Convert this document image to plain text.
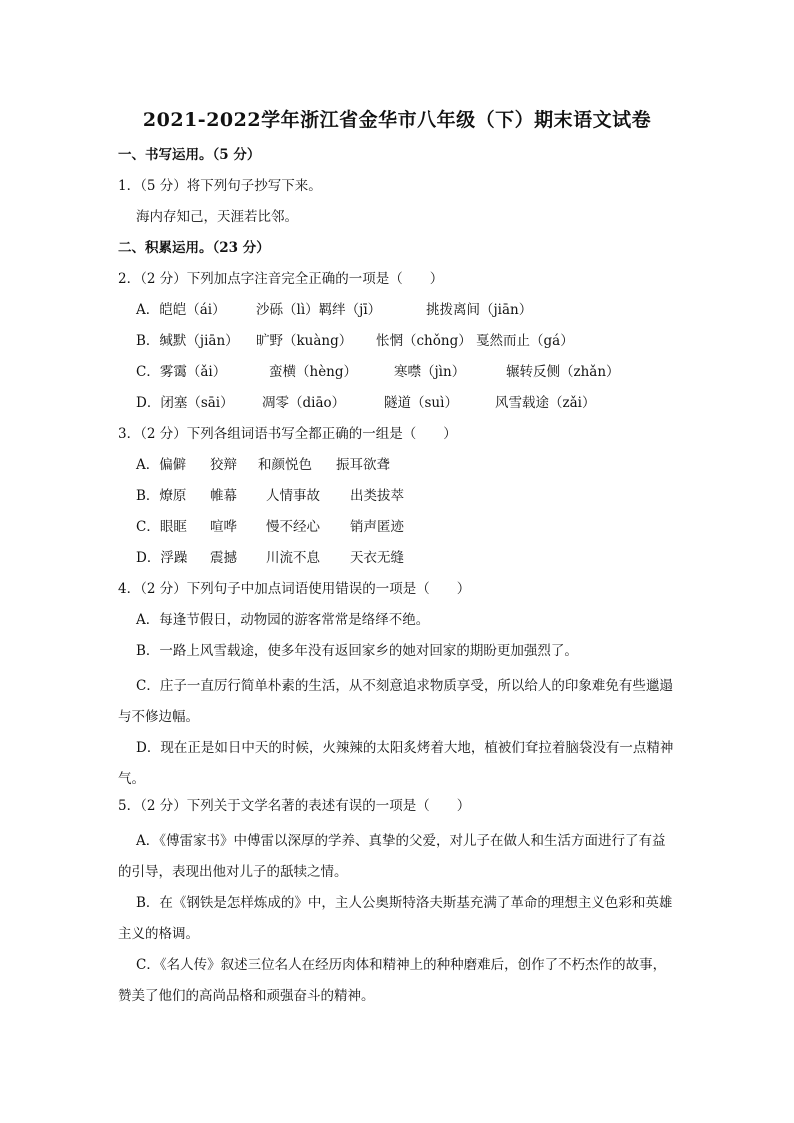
2021-2022学年浙江省金华市八年级（下）期末语文试卷
一、书写运用。（5 分）
1．（5 分）将下列句子抄写下来。
海内存知己，天涯若比邻。
二、积累运用。（23 分）
2．（2 分）下列加点字注音完全正确的一项是（　　）
A．皑皑（ái） 沙砾（lì）羁绊（jī）	挑拨离间（jiān）
B．缄默（jiān） 旷野（kuàng） 怅惘（chǒng） 戛然而止（gá）
C．雾霭（ǎi）	蛮横（hèng）	寒噤（jìn）	辗转反侧（zhǎn）
D．闭塞（sāi） 凋零（diāo）	隧道（suì）	风雪载途（zǎi）
3．（2 分）下列各组词语书写全都正确的一组是（　　）
A．偏僻 狡辩 和颜悦色 振耳欲聋
B．燎原 帷幕 人情事故 出类拔萃
C．眼眶 喧哗 慢不经心 销声匿迹
D．浮躁 震撼 川流不息 天衣无缝
4．（2 分）下列句子中加点词语使用错误的一项是（　　）
A．每逢节假日，动物园的游客常常是络绎不绝。
B．一路上风雪载途，使多年没有返回家乡的她对回家的期盼更加强烈了。
C．庄子一直厉行简单朴素的生活，从不刻意追求物质享受，所以给人的印象难免有些邋遢与不修边幅。
D．现在正是如日中天的时候，火辣辣的太阳炙烤着大地，植被们耷拉着脑袋没有一点精神气。
5．（2 分）下列关于文学名著的表述有误的一项是（　　）
A．《傅雷家书》中傅雷以深厚的学养、真挚的父爱，对儿子在做人和生活方面进行了有益的引导，表现出他对儿子的舐犊之情。
B．在《钢铁是怎样炼成的》中，主人公奥斯特洛夫斯基充满了革命的理想主义色彩和英雄主义的格调。
C．《名人传》叙述三位名人在经历肉体和精神上的种种磨难后，创作了不朽杰作的故事，赞美了他们的高尚品格和顽强奋斗的精神。
